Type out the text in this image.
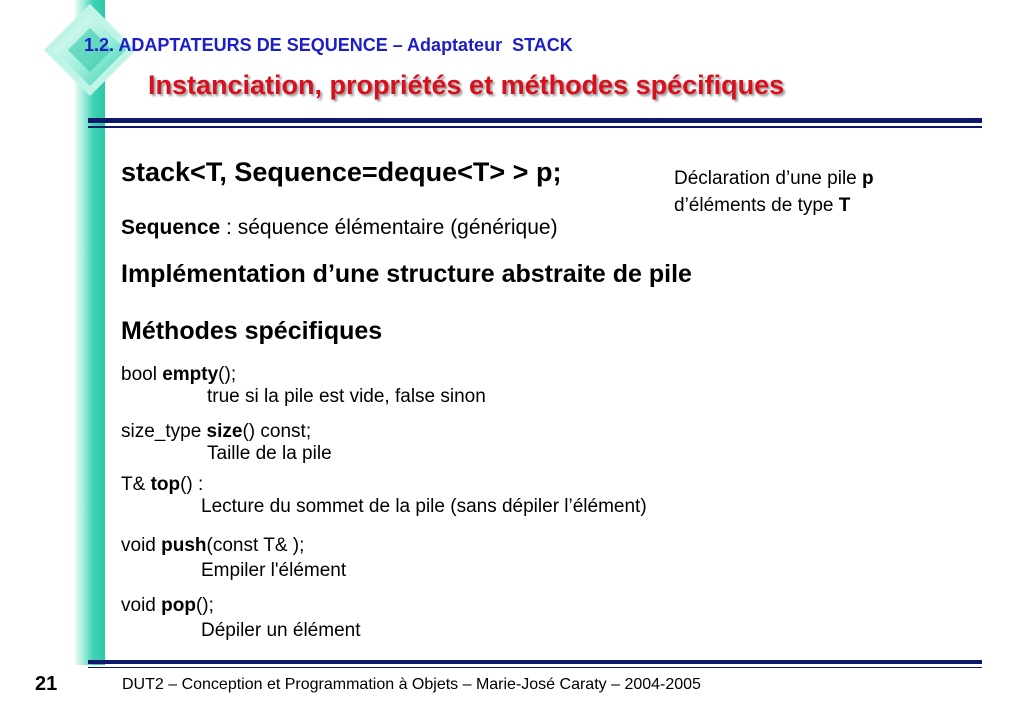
1.2. ADAPTATEURS DE SEQUENCE – Adaptateur  STACK
Instanciation, propriétés et méthodes spécifiques
stack<T, Sequence=deque<T> > p;	Déclaration d’une pile p
d’éléments de type T
Sequence : séquence élémentaire (générique)
Implémentation d’une structure abstraite de pile
Méthodes spécifiques
bool empty();
true si la pile est vide, false sinon
size_type size() const;
Taille de la pile
T& top() :
Lecture du sommet de la pile (sans dépiler l’élément)
void push(const T& );
Empiler l'élément
void pop();
Dépiler un élément
21	DUT2 – Conception et Programmation à Objets – Marie-José Caraty – 2004-2005
